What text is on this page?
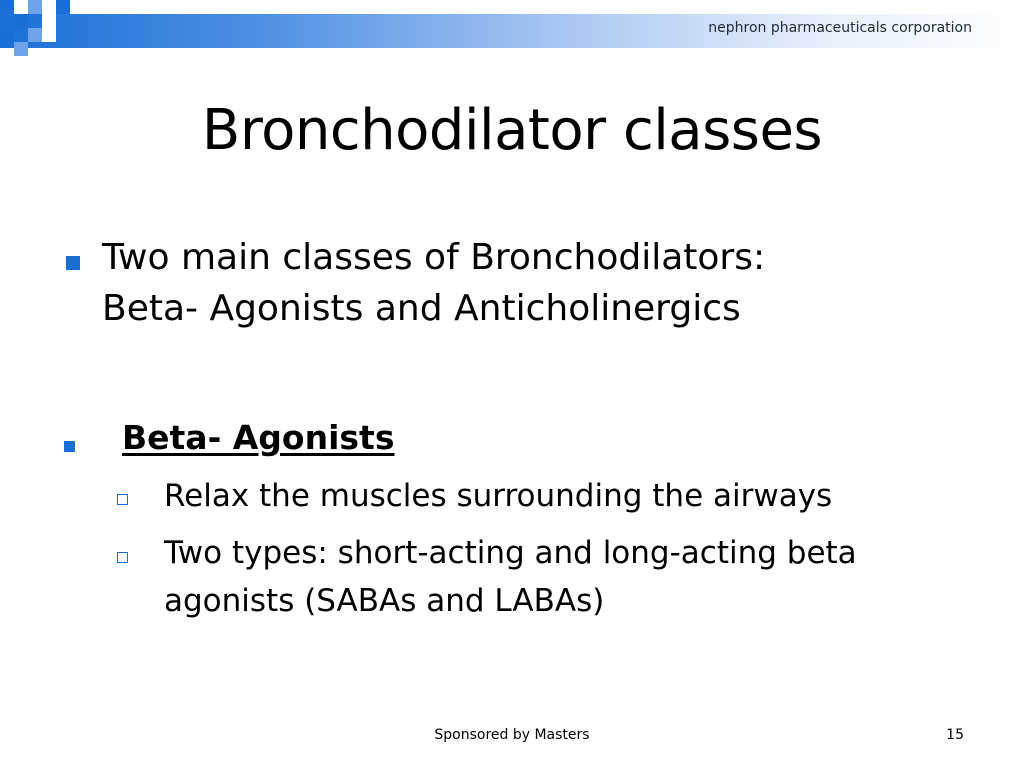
nephron pharmaceuticals corporation
Bronchodilator classes
Two main classes of Bronchodilators:
Beta- Agonists and Anticholinergics
Beta- Agonists
Relax the muscles surrounding the airways
Two types: short-acting and long-acting beta
agonists (SABAs and LABAs)
Sponsored by Masters	15
